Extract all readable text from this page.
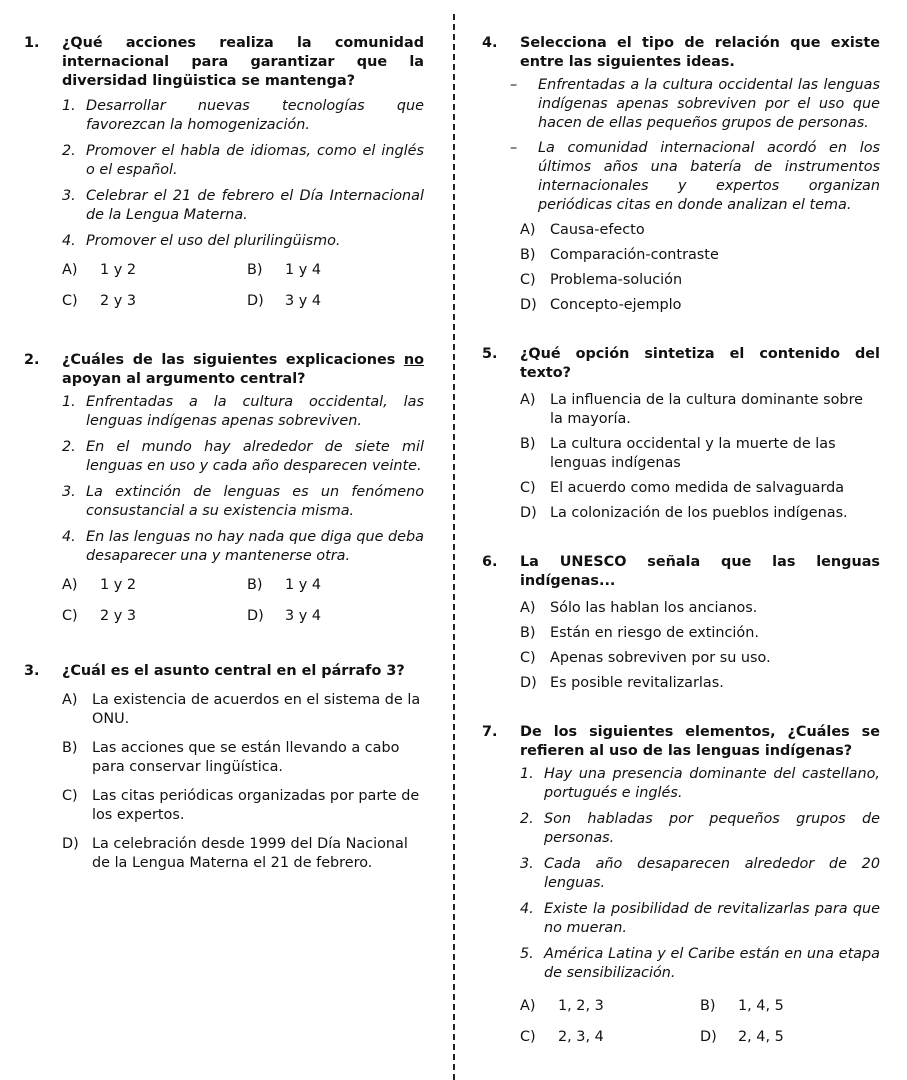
1.	¿Qué acciones realiza la comunidad internacional para garantizar que la diversidad lingüistica se mantenga?
1. Desarrollar nuevas tecnologías que favorezcan la homogenización.
2. Promover el habla de idiomas, como el inglés o el español.
3. Celebrar el 21 de febrero el Día Internacional de la Lengua Materna.
4. Promover el uso del plurilingüismo.
A)	1 y 2	B)	1 y 4
C)	2 y 3	D)	3 y 4
2.	¿Cuáles de las siguientes explicaciones no apoyan al argumento central?
1. Enfrentadas a la cultura occidental, las lenguas indígenas apenas sobreviven.
2. En el mundo hay alrededor de siete mil lenguas en uso y cada año desparecen veinte.
3. La extinción de lenguas es un fenómeno consustancial a su existencia misma.
4. En las lenguas no hay nada que diga que deba desaparecer una y mantenerse otra.
A)	1 y 2	B)	1 y 4
C)	2 y 3	D)	3 y 4
3.	¿Cuál es el asunto central en el párrafo 3?
A)	La existencia de acuerdos en el sistema de la ONU.
B)	Las acciones que se están llevando a cabo para conservar lingüística.
C) Las citas periódicas organizadas por parte de los expertos.
D) La celebración desde 1999 del Día Nacional de la Lengua Materna el 21 de febrero.
4.	Selecciona el tipo de relación que existe entre las siguientes ideas.
–	Enfrentadas a la cultura occidental las lenguas indígenas apenas sobreviven por el uso que hacen de ellas pequeños grupos de personas.
–	La comunidad internacional acordó en los últimos años una batería de instrumentos internacionales y expertos organizan periódicas citas en donde analizan el tema.
A)	Causa-efecto
B)	Comparación-contraste
C) Problema-solución
D) Concepto-ejemplo
5.	¿Qué opción sintetiza el contenido del texto?
A)	La influencia de la cultura dominante sobre la mayoría.
B)	La cultura occidental y la muerte de las lenguas indígenas
C) El acuerdo como medida de salvaguarda
D) La colonización de los pueblos indígenas.
6.	La UNESCO señala que las lenguas indígenas...
A)	Sólo las hablan los ancianos.
B)	Están en riesgo de extinción.
C) Apenas sobreviven por su uso.
D) Es posible revitalizarlas.
7.	De los siguientes elementos, ¿Cuáles se refieren al uso de las lenguas indígenas?
1. Hay una presencia dominante del castellano, portugués e inglés.
2. Son habladas por pequeños grupos de personas.
3. Cada año desaparecen alrededor de 20 lenguas.
4. Existe la posibilidad de revitalizarlas para que no mueran.
5. América Latina y el Caribe están en una etapa de sensibilización.
A)	1, 2, 3	B)	1, 4, 5
C)	2, 3, 4	D)	2, 4, 5
